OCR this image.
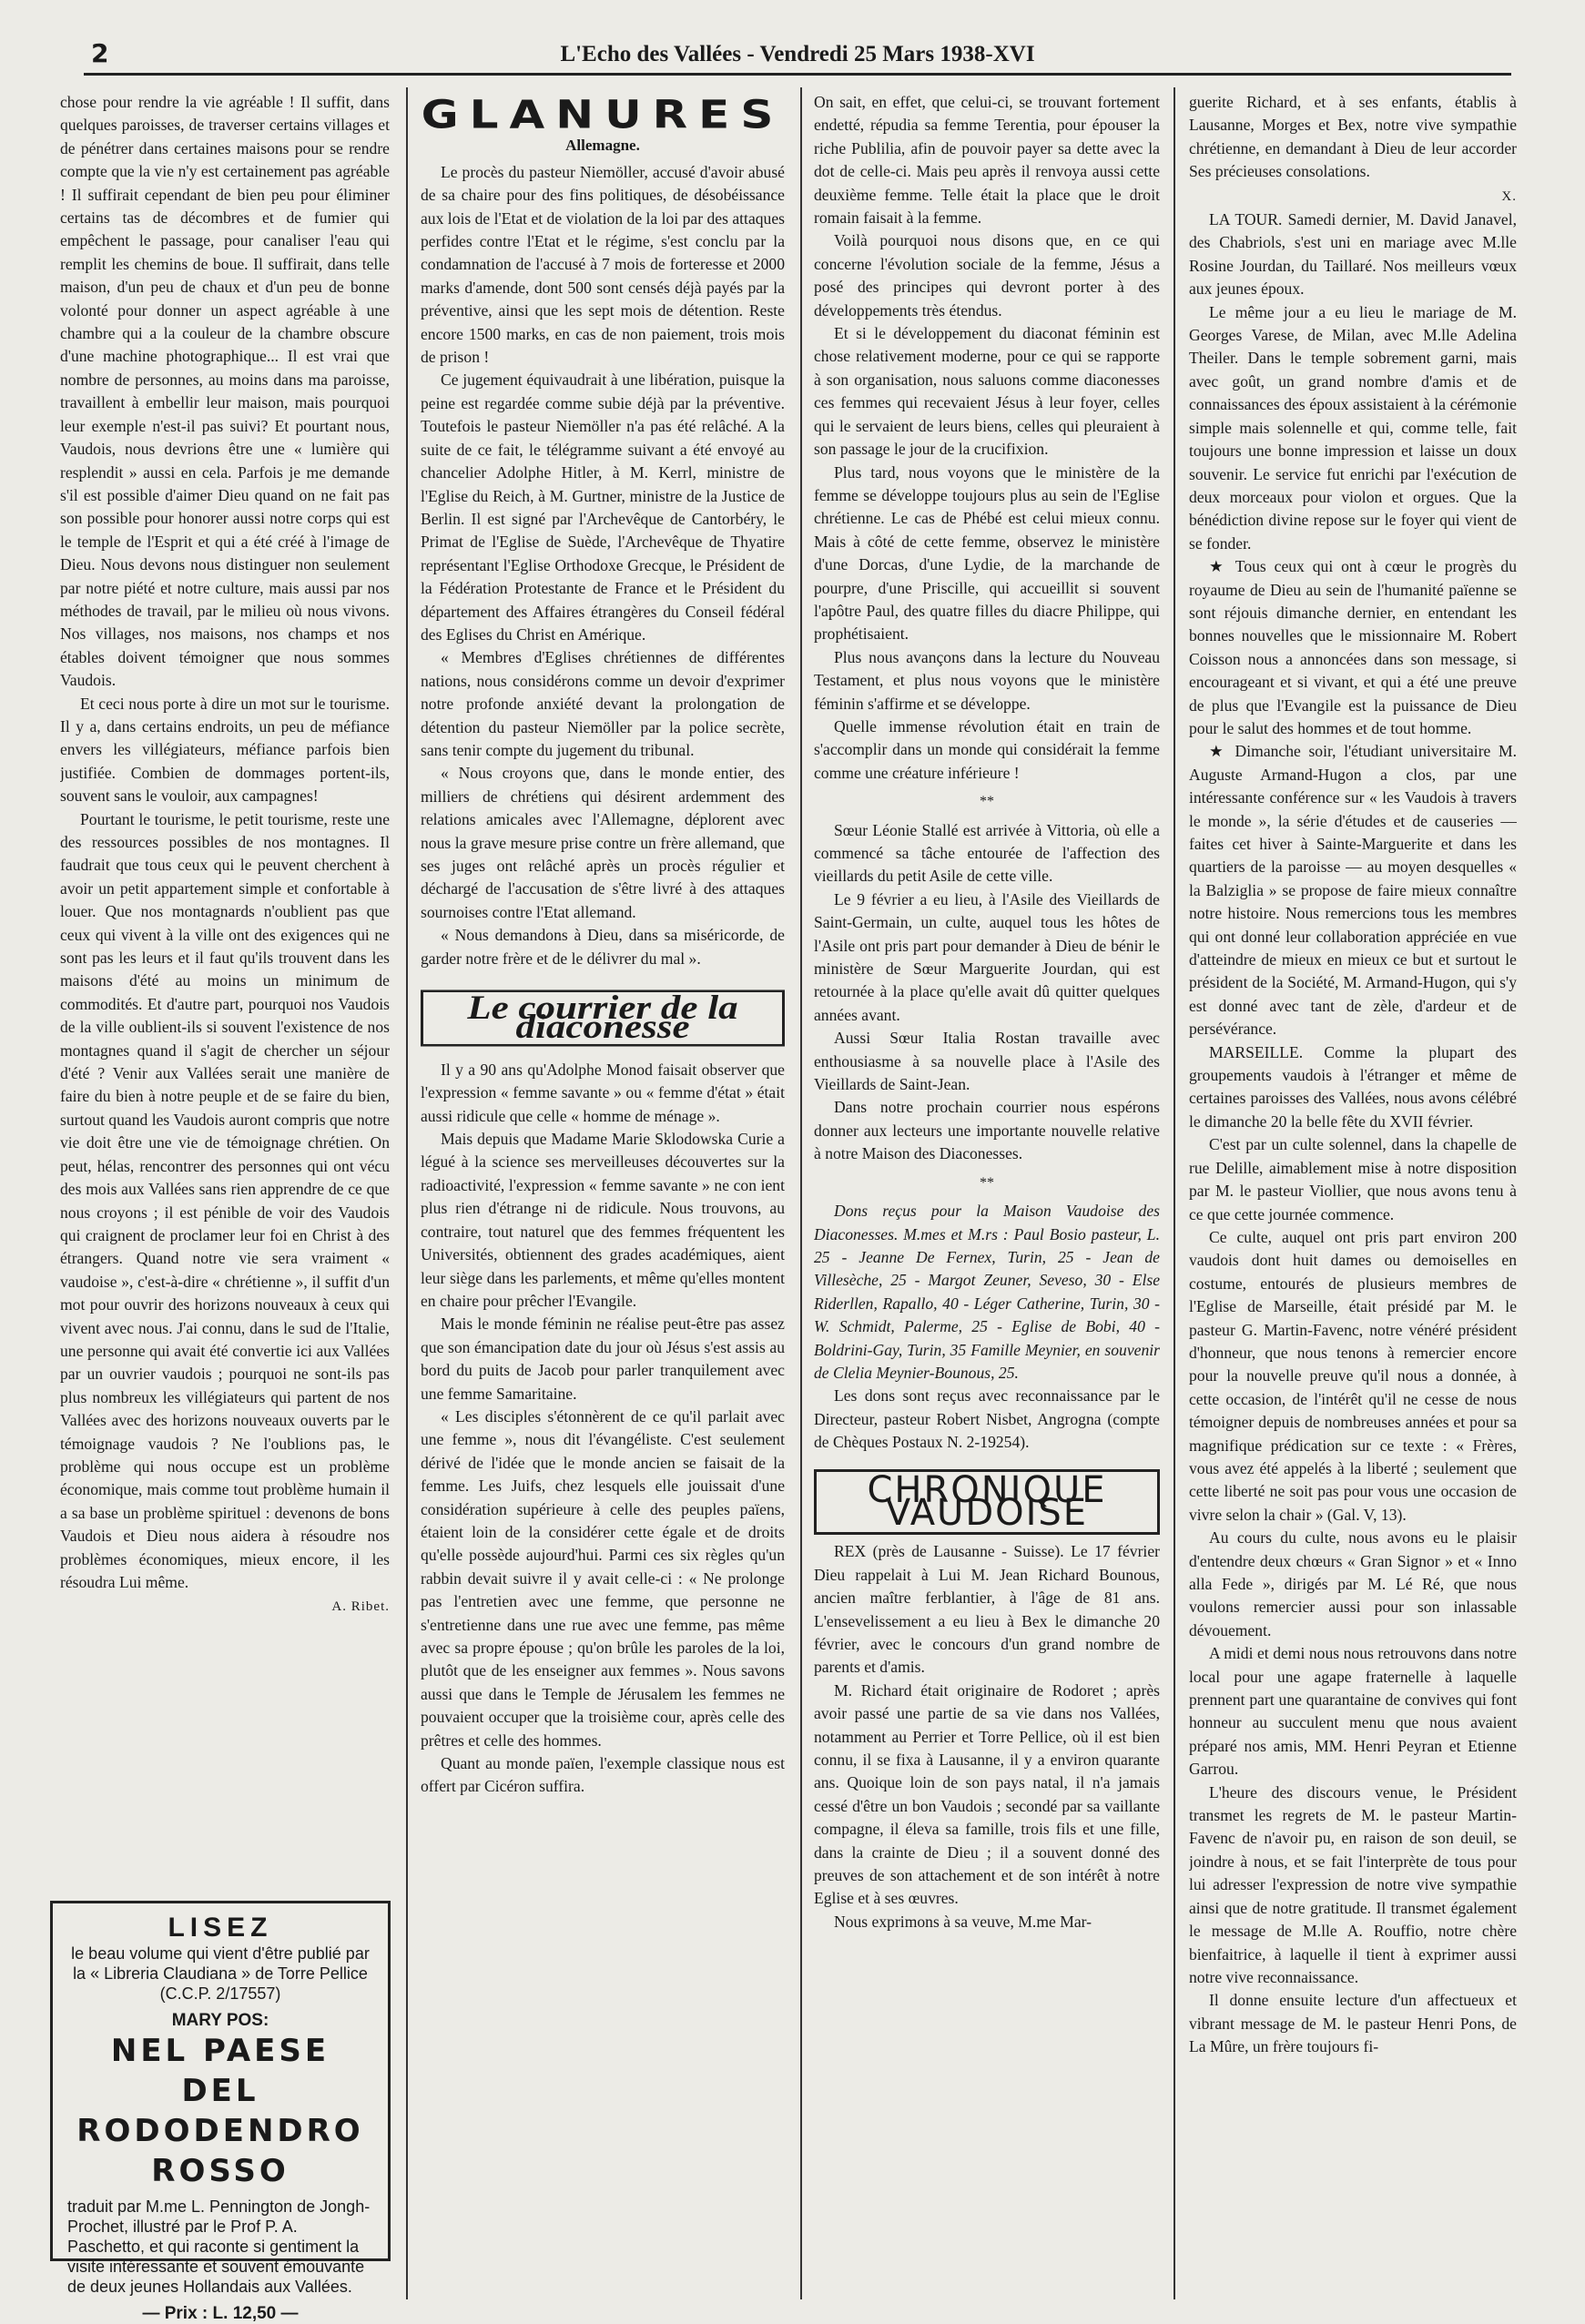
2	L'Echo des Vallées - Vendredi 25 Mars 1938-XVI

chose pour rendre la vie agréable ! Il suffit, dans quelques paroisses, de traverser certains villages et de pénétrer dans certaines maisons pour se rendre compte que la vie n'y est certainement pas agréable ! Il suffirait cependant de bien peu pour éliminer certains tas de décombres et de fumier qui empêchent le passage, pour canaliser l'eau qui remplit les chemins de boue. Il suffirait, dans telle maison, d'un peu de chaux et d'un peu de bonne volonté pour donner un aspect agréable à une chambre qui a la couleur de la chambre obscure d'une machine photographique... Il est vrai que nombre de personnes, au moins dans ma paroisse, travaillent à embellir leur maison, mais pourquoi leur exemple n'est-il pas suivi? Et pourtant nous, Vaudois, nous devrions être une « lumière qui resplendit » aussi en cela. Parfois je me demande s'il est possible d'aimer Dieu quand on ne fait pas son possible pour honorer aussi notre corps qui est le temple de l'Esprit et qui a été créé à l'image de Dieu. Nous devons nous distinguer non seulement par notre piété et notre culture, mais aussi par nos méthodes de travail, par le milieu où nous vivons. Nos villages, nos maisons, nos champs et nos étables doivent témoigner que nous sommes Vaudois.

Et ceci nous porte à dire un mot sur le tourisme. Il y a, dans certains endroits, un peu de méfiance envers les villégiateurs, méfiance parfois bien justifiée. Combien de dommages portent-ils, souvent sans le vouloir, aux campagnes!

Pourtant le tourisme, le petit tourisme, reste une des ressources possibles de nos montagnes. Il faudrait que tous ceux qui le peuvent cherchent à avoir un petit appartement simple et confortable à louer. Que nos montagnards n'oublient pas que ceux qui vivent à la ville ont des exigences qui ne sont pas les leurs et il faut qu'ils trouvent dans les maisons d'été au moins un minimum de commodités. Et d'autre part, pourquoi nos Vaudois de la ville oublient-ils si souvent l'existence de nos montagnes quand il s'agit de chercher un séjour d'été ? Venir aux Vallées serait une manière de faire du bien à notre peuple et de se faire du bien, surtout quand les Vaudois auront compris que notre vie doit être une vie de témoignage chrétien. On peut, hélas, rencontrer des personnes qui ont vécu des mois aux Vallées sans rien apprendre de ce que nous croyons ; il est pénible de voir des Vaudois qui craignent de proclamer leur foi en Christ à des étrangers. Quand notre vie sera vraiment « vaudoise », c'est-à-dire « chrétienne », il suffit d'un mot pour ouvrir des horizons nouveaux à ceux qui vivent avec nous. J'ai connu, dans le sud de l'Italie, une personne qui avait été convertie ici aux Vallées par un ouvrier vaudois ; pourquoi ne sont-ils pas plus nombreux les villégiateurs qui partent de nos Vallées avec des horizons nouveaux ouverts par le témoignage vaudois ? Ne l'oublions pas, le problème qui nous occupe est un problème économique, mais comme tout problème humain il a sa base un problème spirituel : devenons de bons Vaudois et Dieu nous aidera à résoudre nos problèmes économiques, mieux encore, il les résoudra Lui même.

A. Ribet.

LISEZ
le beau volume qui vient d'être publié par la « Libreria Claudiana » de Torre Pellice (C.C.P. 2/17557)
MARY POS:
NEL PAESE DEL
RODODENDRO ROSSO
traduit par M.me L. Pennington de Jongh-Prochet, illustré par le Prof P. A. Paschetto, et qui raconte si gentiment la visite intéressante et souvent émouvante de deux jeunes Hollandais aux Vallées.
— Prix : L. 12,50 —
GLANURES
Allemagne.

Le procès du pasteur Niemöller, accusé d'avoir abusé de sa chaire pour des fins politiques, de désobéissance aux lois de l'Etat et de violation de la loi par des attaques perfides contre l'Etat et le régime, s'est conclu par la condamnation de l'accusé à 7 mois de forteresse et 2000 marks d'amende, dont 500 sont censés déjà payés par la préventive, ainsi que les sept mois de détention. Reste encore 1500 marks, en cas de non paiement, trois mois de prison !

Ce jugement équivaudrait à une libération, puisque la peine est regardée comme subie déjà par la préventive. Toutefois le pasteur Niemöller n'a pas été relâché. A la suite de ce fait, le télégramme suivant a été envoyé au chancelier Adolphe Hitler, à M. Kerrl, ministre de l'Eglise du Reich, à M. Gurtner, ministre de la Justice de Berlin. Il est signé par l'Archevêque de Cantorbéry, le Primat de l'Eglise de Suède, l'Archevêque de Thyatire représentant l'Eglise Orthodoxe Grecque, le Président de la Fédération Protestante de France et le Président du département des Affaires étrangères du Conseil fédéral des Eglises du Christ en Amérique.

« Membres d'Eglises chrétiennes de différentes nations, nous considérons comme un devoir d'exprimer notre profonde anxiété devant la prolongation de détention du pasteur Niemöller par la police secrète, sans tenir compte du jugement du tribunal.

« Nous croyons que, dans le monde entier, des milliers de chrétiens qui désirent ardemment des relations amicales avec l'Allemagne, déplorent avec nous la grave mesure prise contre un frère allemand, que ses juges ont relâché après un procès régulier et déchargé de l'accusation de s'être livré à des attaques sournoises contre l'Etat allemand.

« Nous demandons à Dieu, dans sa miséricorde, de garder notre frère et de le délivrer du mal ».

Le courrier de la diaconesse

Il y a 90 ans qu'Adolphe Monod faisait observer que l'expression « femme savante » ou « femme d'état » était aussi ridicule que celle « homme de ménage ».

Mais depuis que Madame Marie Sklodowska Curie a légué à la science ses merveilleuses découvertes sur la radioactivité, l'expression « femme savante » ne con ient plus rien d'étrange ni de ridicule. Nous trouvons, au contraire, tout naturel que des femmes fréquentent les Universités, obtiennent des grades académiques, aient leur siège dans les parlements, et même qu'elles montent en chaire pour prêcher l'Evangile.

Mais le monde féminin ne réalise peut-être pas assez que son émancipation date du jour où Jésus s'est assis au bord du puits de Jacob pour parler tranquilement avec une femme Samaritaine.

« Les disciples s'étonnèrent de ce qu'il parlait avec une femme », nous dit l'évangéliste. C'est seulement dérivé de l'idée que le monde ancien se faisait de la femme. Les Juifs, chez lesquels elle jouissait d'une considération supérieure à celle des peuples païens, étaient loin de la considérer cette égale et de droits qu'elle possède aujourd'hui. Parmi ces six règles qu'un rabbin devait suivre il y avait celle-ci : « Ne prolonge pas l'entretien avec une femme, que personne ne s'entretienne dans une rue avec une femme, pas même avec sa propre épouse ; qu'on brûle les paroles de la loi, plutôt que de les enseigner aux femmes ». Nous savons aussi que dans le Temple de Jérusalem les femmes ne pouvaient occuper que la troisième cour, après celle des prêtres et celle des hommes.

Quant au monde païen, l'exemple classique nous est offert par Cicéron suffira.

On sait, en effet, que celui-ci, se trouvant fortement endetté, répudia sa femme Terentia, pour épouser la riche Publilia, afin de pouvoir payer sa dette avec la dot de celle-ci. Mais peu après il renvoya aussi cette deuxième femme. Telle était la place que le droit romain faisait à la femme.

Voilà pourquoi nous disons que, en ce qui concerne l'évolution sociale de la femme, Jésus a posé des principes qui devront porter à des développements très étendus.

Et si le développement du diaconat féminin est chose relativement moderne, pour ce qui se rapporte à son organisation, nous saluons comme diaconesses ces femmes qui recevaient Jésus à leur foyer, celles qui le servaient de leurs biens, celles qui pleuraient à son passage le jour de la crucifixion.

Plus tard, nous voyons que le ministère de la femme se développe toujours plus au sein de l'Eglise chrétienne. Le cas de Phébé est celui mieux connu. Mais à côté de cette femme, observez le ministère d'une Dorcas, d'une Lydie, de la marchande de pourpre, d'une Priscille, qui accueillit si souvent l'apôtre Paul, des quatre filles du diacre Philippe, qui prophétisaient.

Plus nous avançons dans la lecture du Nouveau Testament, et plus nous voyons que le ministère féminin s'affirme et se développe.

Quelle immense révolution était en train de s'accomplir dans un monde qui considérait la femme comme une créature inférieure !

**

Sœur Léonie Stallé est arrivée à Vittoria, où elle a commencé sa tâche entourée de l'affection des vieillards du petit Asile de cette ville.

Le 9 février a eu lieu, à l'Asile des Vieillards de Saint-Germain, un culte, auquel tous les hôtes de l'Asile ont pris part pour demander à Dieu de bénir le ministère de Sœur Marguerite Jourdan, qui est retournée à la place qu'elle avait dû quitter quelques années avant.

Aussi Sœur Italia Rostan travaille avec enthousiasme à sa nouvelle place à l'Asile des Vieillards de Saint-Jean.

Dans notre prochain courrier nous espérons donner aux lecteurs une importante nouvelle relative à notre Maison des Diaconesses.

**

Dons reçus pour la Maison Vaudoise des Diaconesses. M.mes et M.rs : Paul Bosio pasteur, L. 25 - Jeanne De Fernex, Turin, 25 - Jean de Villesèche, 25 - Margot Zeuner, Seveso, 30 - Else Riderllen, Rapallo, 40 - Léger Catherine, Turin, 30 - W. Schmidt, Palerme, 25 - Eglise de Bobi, 40 - Boldrini-Gay, Turin, 35 Famille Meynier, en souvenir de Clelia Meynier-Bounous, 25.

Les dons sont reçus avec reconnaissance par le Directeur, pasteur Robert Nisbet, Angrogna (compte de Chèques Postaux N. 2-19254).

CHRONIQUE VAUDOISE

REX (près de Lausanne - Suisse). Le 17 février Dieu rappelait à Lui M. Jean Richard Bounous, ancien maître ferblantier, à l'âge de 81 ans. L'ensevelissement a eu lieu à Bex le dimanche 20 février, avec le concours d'un grand nombre de parents et d'amis.

M. Richard était originaire de Rodoret ; après avoir passé une partie de sa vie dans nos Vallées, notamment au Perrier et Torre Pellice, où il est bien connu, il se fixa à Lausanne, il y a environ quarante ans. Quoique loin de son pays natal, il n'a jamais cessé d'être un bon Vaudois ; secondé par sa vaillante compagne, il éleva sa famille, trois fils et une fille, dans la crainte de Dieu ; il a souvent donné des preuves de son attachement et de son intérêt à notre Eglise et à ses œuvres.

Nous exprimons à sa veuve, M.me Mar-

guerite Richard, et à ses enfants, établis à Lausanne, Morges et Bex, notre vive sympathie chrétienne, en demandant à Dieu de leur accorder Ses précieuses consolations.

X.

LA TOUR. Samedi dernier, M. David Janavel, des Chabriols, s'est uni en mariage avec M.lle Rosine Jourdan, du Taillaré. Nos meilleurs vœux aux jeunes époux.

Le même jour a eu lieu le mariage de M. Georges Varese, de Milan, avec M.lle Adelina Theiler. Dans le temple sobrement garni, mais avec goût, un grand nombre d'amis et de connaissances des époux assistaient à la cérémonie simple mais solennelle et qui, comme telle, fait toujours une bonne impression et laisse un doux souvenir. Le service fut enrichi par l'exécution de deux morceaux pour violon et orgues. Que la bénédiction divine repose sur le foyer qui vient de se fonder.

★ Tous ceux qui ont à cœur le progrès du royaume de Dieu au sein de l'humanité païenne se sont réjouis dimanche dernier, en entendant les bonnes nouvelles que le missionnaire M. Robert Coisson nous a annoncées dans son message, si encourageant et si vivant, et qui a été une preuve de plus que l'Evangile est la puissance de Dieu pour le salut des hommes et de tout homme.

★ Dimanche soir, l'étudiant universitaire M. Auguste Armand-Hugon a clos, par une intéressante conférence sur « les Vaudois à travers le monde », la série d'études et de causeries — faites cet hiver à Sainte-Marguerite et dans les quartiers de la paroisse — au moyen desquelles « la Balziglia » se propose de faire mieux connaître notre histoire. Nous remercions tous les membres qui ont donné leur collaboration appréciée en vue d'atteindre de mieux en mieux ce but et surtout le président de la Société, M. Armand-Hugon, qui s'y est donné avec tant de zèle, d'ardeur et de persévérance.

MARSEILLE. Comme la plupart des groupements vaudois à l'étranger et même de certaines paroisses des Vallées, nous avons célébré le dimanche 20 la belle fête du XVII février.

C'est par un culte solennel, dans la chapelle de rue Delille, aimablement mise à notre disposition par M. le pasteur Viollier, que nous avons tenu à ce que cette journée commence.

Ce culte, auquel ont pris part environ 200 vaudois dont huit dames ou demoiselles en costume, entourés de plusieurs membres de l'Eglise de Marseille, était présidé par M. le pasteur G. Martin-Favenc, notre vénéré président d'honneur, que nous tenons à remercier encore pour la nouvelle preuve qu'il nous a donnée, à cette occasion, de l'intérêt qu'il ne cesse de nous témoigner depuis de nombreuses années et pour sa magnifique prédication sur ce texte : « Frères, vous avez été appelés à la liberté ; seulement que cette liberté ne soit pas pour vous une occasion de vivre selon la chair » (Gal. V, 13).

Au cours du culte, nous avons eu le plaisir d'entendre deux chœurs « Gran Signor » et « Inno alla Fede », dirigés par M. Lé Ré, que nous voulons remercier aussi pour son inlassable dévouement.

A midi et demi nous nous retrouvons dans notre local pour une agape fraternelle à laquelle prennent part une quarantaine de convives qui font honneur au succulent menu que nous avaient préparé nos amis, MM. Henri Peyran et Etienne Garrou.

L'heure des discours venue, le Président transmet les regrets de M. le pasteur Martin-Favenc de n'avoir pu, en raison de son deuil, se joindre à nous, et se fait l'interprète de tous pour lui adresser l'expression de notre vive sympathie ainsi que de notre gratitude. Il transmet également le message de M.lle A. Rouffio, notre chère bienfaitrice, à laquelle il tient à exprimer aussi notre vive reconnaissance.

Il donne ensuite lecture d'un affectueux et vibrant message de M. le pasteur Henri Pons, de La Mûre, un frère toujours fi-
